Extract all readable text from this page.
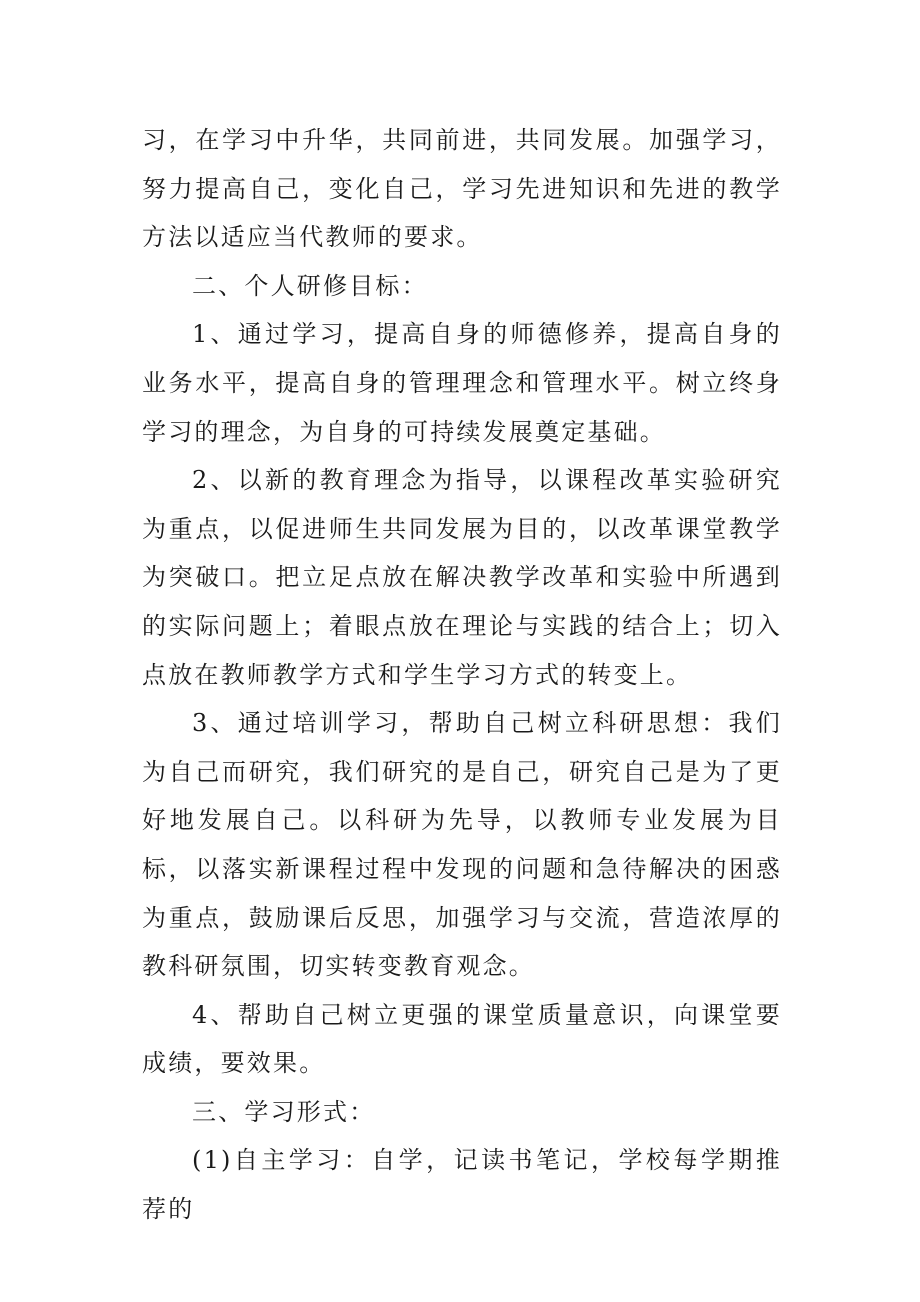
习，在学习中升华，共同前进，共同发展。加强学习，努力提高自己，变化自己，学习先进知识和先进的教学方法以适应当代教师的要求。

二、个人研修目标：

1、通过学习，提高自身的师德修养，提高自身的业务水平，提高自身的管理理念和管理水平。树立终身学习的理念，为自身的可持续发展奠定基础。

2、以新的教育理念为指导，以课程改革实验研究为重点，以促进师生共同发展为目的，以改革课堂教学为突破口。把立足点放在解决教学改革和实验中所遇到的实际问题上；着眼点放在理论与实践的结合上；切入点放在教师教学方式和学生学习方式的转变上。

3、通过培训学习，帮助自己树立科研思想：我们为自己而研究，我们研究的是自己，研究自己是为了更好地发展自己。以科研为先导，以教师专业发展为目标，以落实新课程过程中发现的问题和急待解决的困惑为重点，鼓励课后反思，加强学习与交流，营造浓厚的教科研氛围，切实转变教育观念。

4、帮助自己树立更强的课堂质量意识，向课堂要成绩，要效果。

三、学习形式：

(1)自主学习：自学，记读书笔记，学校每学期推荐的
